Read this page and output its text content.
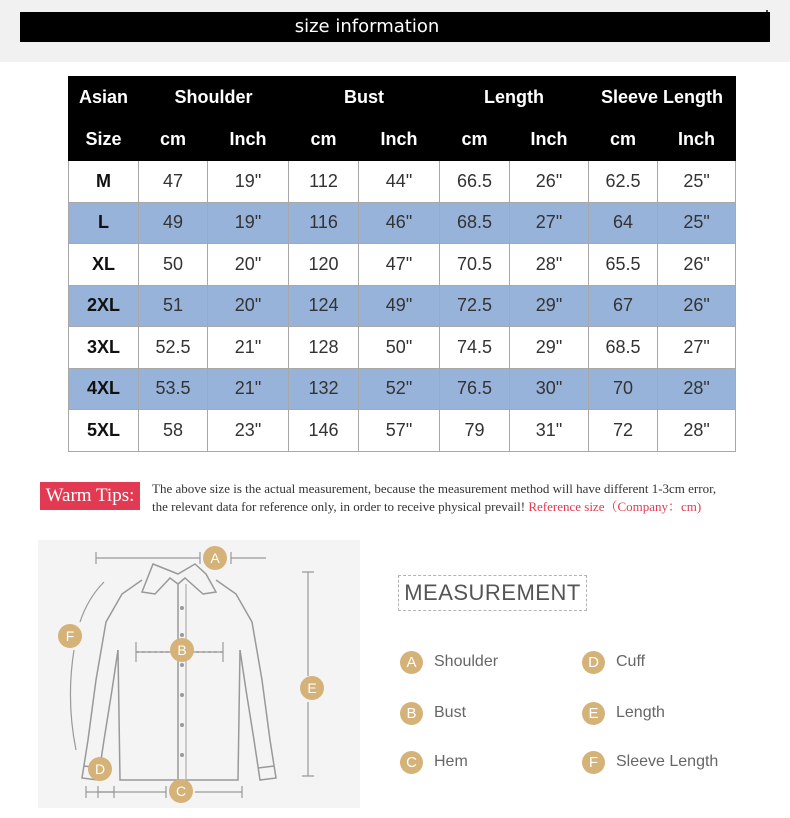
size information
Asian	Shoulder		Bust		Length		Sleeve Length	
Size	cm	Inch	cm	Inch	cm	Inch	cm	Inch
M	47	19"	112	44"	66.5	26"	62.5	25"
L	49	19"	116	46"	68.5	27"	64	25"
XL	50	20"	120	47"	70.5	28"	65.5	26"
2XL	51	20"	124	49"	72.5	29"	67	26"
3XL	52.5	21"	128	50"	74.5	29"	68.5	27"
4XL	53.5	21"	132	52"	76.5	30"	70	28"
5XL	58	23"	146	57"	79	31"	72	28"
Warm Tips:	The above size is the actual measurement, because the measurement method will have different 1-3cm error,
the relevant data for reference only, in order to receive physical prevail! Reference size（Company：cm)
A
B
C
D
E
F
MEASUREMENT
A	Shoulder
B	Bust
C	Hem
D	Cuff
E	Length
F	Sleeve Length
